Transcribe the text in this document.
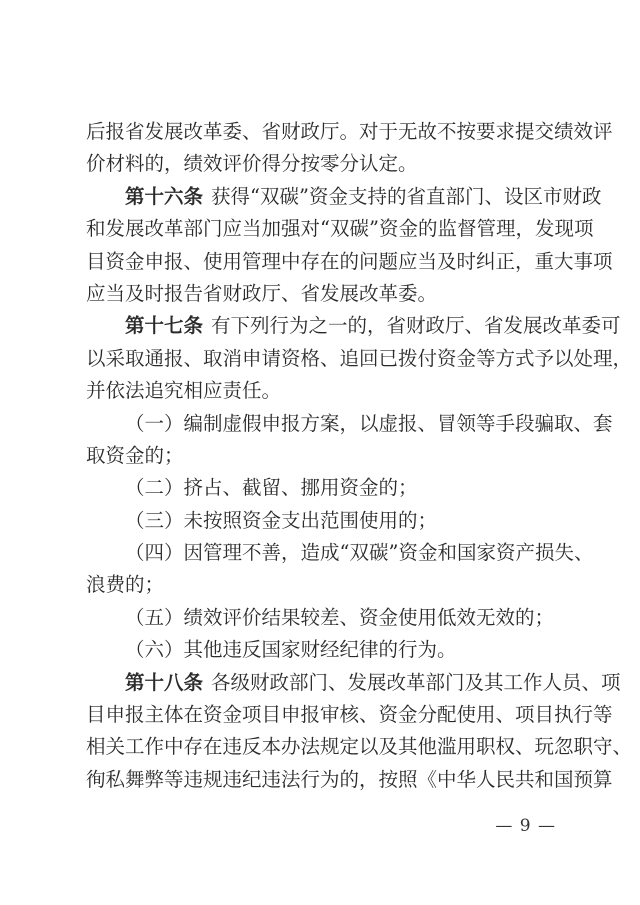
后报省发展改革委、省财政厅。对于无故不按要求提交绩效评
价材料的，绩效评价得分按零分认定。
第十六条 获得“双碳”资金支持的省直部门、设区市财政
和发展改革部门应当加强对“双碳”资金的监督管理，发现项
目资金申报、使用管理中存在的问题应当及时纠正，重大事项
应当及时报告省财政厅、省发展改革委。
第十七条 有下列行为之一的，省财政厅、省发展改革委可
以采取通报、取消申请资格、追回已拨付资金等方式予以处理，
并依法追究相应责任。
（一）编制虚假申报方案，以虚报、冒领等手段骗取、套
取资金的；
（二）挤占、截留、挪用资金的；
（三）未按照资金支出范围使用的；
（四）因管理不善，造成“双碳”资金和国家资产损失、
浪费的；
（五）绩效评价结果较差、资金使用低效无效的；
（六）其他违反国家财经纪律的行为。
第十八条 各级财政部门、发展改革部门及其工作人员、项
目申报主体在资金项目申报审核、资金分配使用、项目执行等
相关工作中存在违反本办法规定以及其他滥用职权、玩忽职守、
徇私舞弊等违规违纪违法行为的，按照《中华人民共和国预算
— 9 —
